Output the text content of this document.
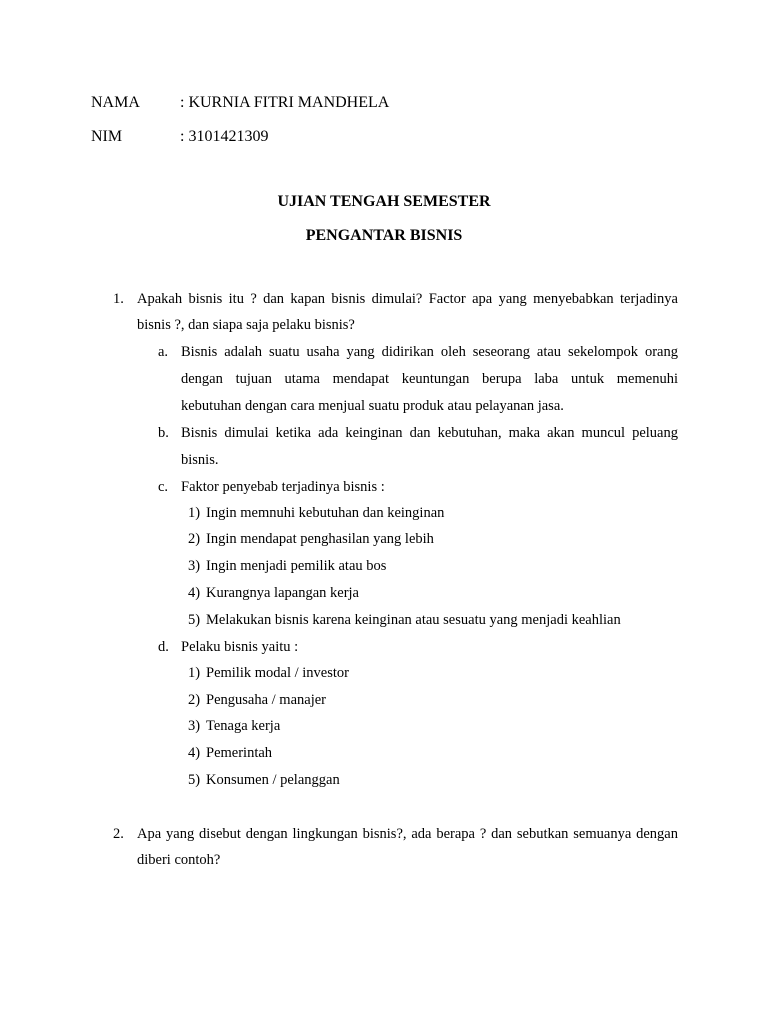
NAMA	: KURNIA FITRI MANDHELA
NIM	: 3101421309
UJIAN TENGAH SEMESTER
PENGANTAR BISNIS
1. Apakah bisnis itu ? dan kapan bisnis dimulai? Factor apa yang menyebabkan terjadinya
bisnis ?, dan siapa saja pelaku bisnis?
a. Bisnis adalah suatu usaha yang didirikan oleh seseorang atau sekelompok orang
dengan tujuan utama mendapat keuntungan berupa laba untuk memenuhi
kebutuhan dengan cara menjual suatu produk atau pelayanan jasa.
b. Bisnis dimulai ketika ada keinginan dan kebutuhan, maka akan muncul peluang
bisnis.
c. Faktor penyebab terjadinya bisnis :
1) Ingin memnuhi kebutuhan dan keinginan
2) Ingin mendapat penghasilan yang lebih
3) Ingin menjadi pemilik atau bos
4) Kurangnya lapangan kerja
5) Melakukan bisnis karena keinginan atau sesuatu yang menjadi keahlian
d. Pelaku bisnis yaitu :
1) Pemilik modal / investor
2) Pengusaha / manajer
3) Tenaga kerja
4) Pemerintah
5) Konsumen / pelanggan
2. Apa yang disebut dengan lingkungan bisnis?, ada berapa ? dan sebutkan semuanya dengan
diberi contoh?
